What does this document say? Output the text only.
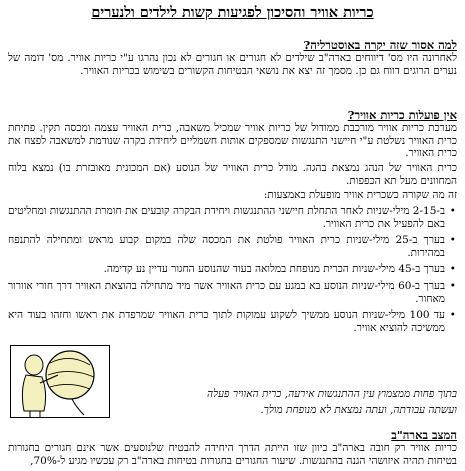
כריות אוויר והסיכון לפגיעות קשות לילדים ולנערים
למה אסור שזה יקרה באוסטרליה?
לאחרונה היו מס' דיווחים בארה"ב שילדים לא חגורים או חגורים לא נכון נהרגו ע"י כריות אוויר. מס' דומה של נערים הרוגים דווח גם כן. מסמך זה יצא את נושאי הבטיחות הקשורים בשימוש בכריות האוויר.
אין פועלות כריות אוויר?
מערכת כריות אוויר מורכבת ממודול של כריות אוויר שמכיל משאבה, כרית האוויר עצמה ומכסה תקין. פתיחת כרית האוויר נשלטת ע"י חיישני התנגשות שמספקים אותות חשמליים ליחידת בקרה שנודמת למשאבה לפצח את כרית האוויר.
כרית האוויר של הנהג נמצאת בהגה. מודל כרית האוויר של הנוסע (אם המכונית מאובזרת בו) נמצא בלוח המחוונים מעל תא הכפפות.
זה מה שקורה כשכרית אוויר מופעלת באמצעות:
•
ב-2-15 מילי-שניות לאחר התחלת חיישני ההתנגשות ויחידת הבקרה קובעים את חומרת ההתנגשות ומחליטים באם להפעיל את כרית האוויר.
•
בערך ב-25 מילי-שניות כרית האוויר פולטת את המכסה שלה במקום קבוע מראש ומתחילה להתנפח במהירות.
•
בערך ב-45 מילי-שניות הכרית מנופחת במלואה בעוד שהנוסע החגור עדיין נע קדימה.
•
בערך ב-60 מילי-שניות הנוסע בא במגע עם כרית האוויר אשר מיד מתחילה בהוצאת האוויר דרך חורי אוורור מאחור.
•
עד 100 מילי-שניות הנוסע ממשיך לשקוע עמוקות לתוך כרית האוויר שמרפדת את ראשו וחזהו בעוד היא ממשיכה להוציא אוויר.
בתוך פחות ממצמוץ עין ההתנגשות אירעה, כרית האוויר פעלה
ועשתה עבודתה, ועתה נמצאת לא מנופחת מולך.
המצב בארה"ב
כריות אוויר רק חובה בארה"ב כיוון שזו הייתה הדרך היחידה להבטיח שלנוסעים אשר אינם חגורים בחגורות בטיחות תהיה איזושהי הגנה בהתנגשות. שיעור החגורים בחגורות בטיחות בארה"ב רק עכשיו מגיע ל-70%,
